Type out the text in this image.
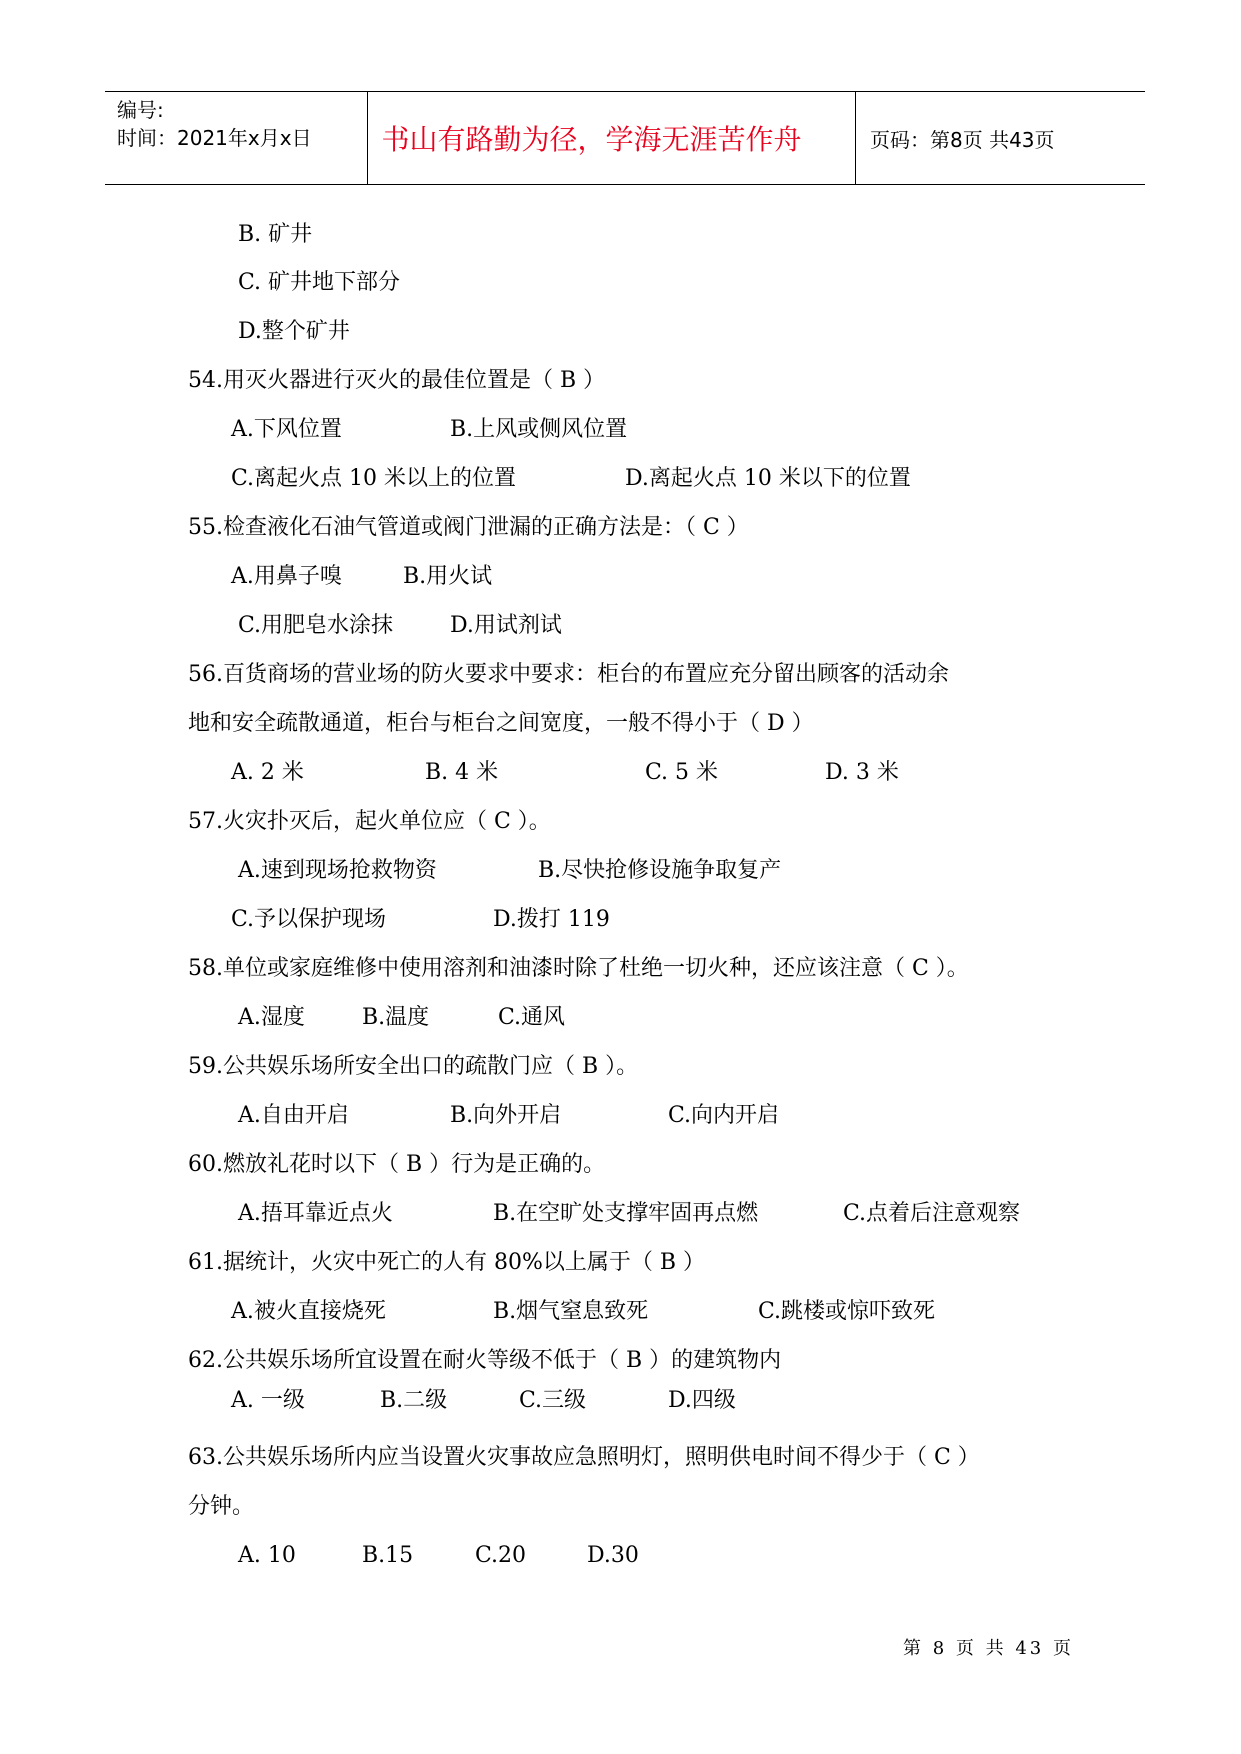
编号:
时间：2021年x月x日	书山有路勤为径，学海无涯苦作舟	页码：第8页 共43页
B. 矿井
C. 矿井地下部分
D.整个矿井
54.用灭火器进行灭火的最佳位置是（ B ）
A.下风位置	B.上风或侧风位置
C.离起火点 10 米以上的位置	D.离起火点 10 米以下的位置
55.检查液化石油气管道或阀门泄漏的正确方法是：（ C ）
A.用鼻子嗅	B.用火试
C.用肥皂水涂抹	D.用试剂试
56.百货商场的营业场的防火要求中要求：柜台的布置应充分留出顾客的活动余
地和安全疏散通道，柜台与柜台之间宽度，一般不得小于（ D ）
A. 2 米	B. 4 米	C. 5 米	D. 3 米
57.火灾扑灭后，起火单位应（ C ）。
A.速到现场抢救物资	B.尽快抢修设施争取复产
C.予以保护现场	D.拨打 119
58.单位或家庭维修中使用溶剂和油漆时除了杜绝一切火种，还应该注意（ C ）。
A.湿度	B.温度	C.通风
59.公共娱乐场所安全出口的疏散门应（ B ）。
A.自由开启	B.向外开启	C.向内开启
60.燃放礼花时以下（ B ）行为是正确的。
A.捂耳靠近点火	B.在空旷处支撑牢固再点燃	C.点着后注意观察
61.据统计，火灾中死亡的人有 80%以上属于（ B ）
A.被火直接烧死	B.烟气窒息致死	C.跳楼或惊吓致死
62.公共娱乐场所宜设置在耐火等级不低于（ B ）的建筑物内
A. 一级	B.二级	C.三级	D.四级
63.公共娱乐场所内应当设置火灾事故应急照明灯，照明供电时间不得少于（ C ）
分钟。
A. 10	B.15	C.20	D.30
第 8 页 共 43 页
